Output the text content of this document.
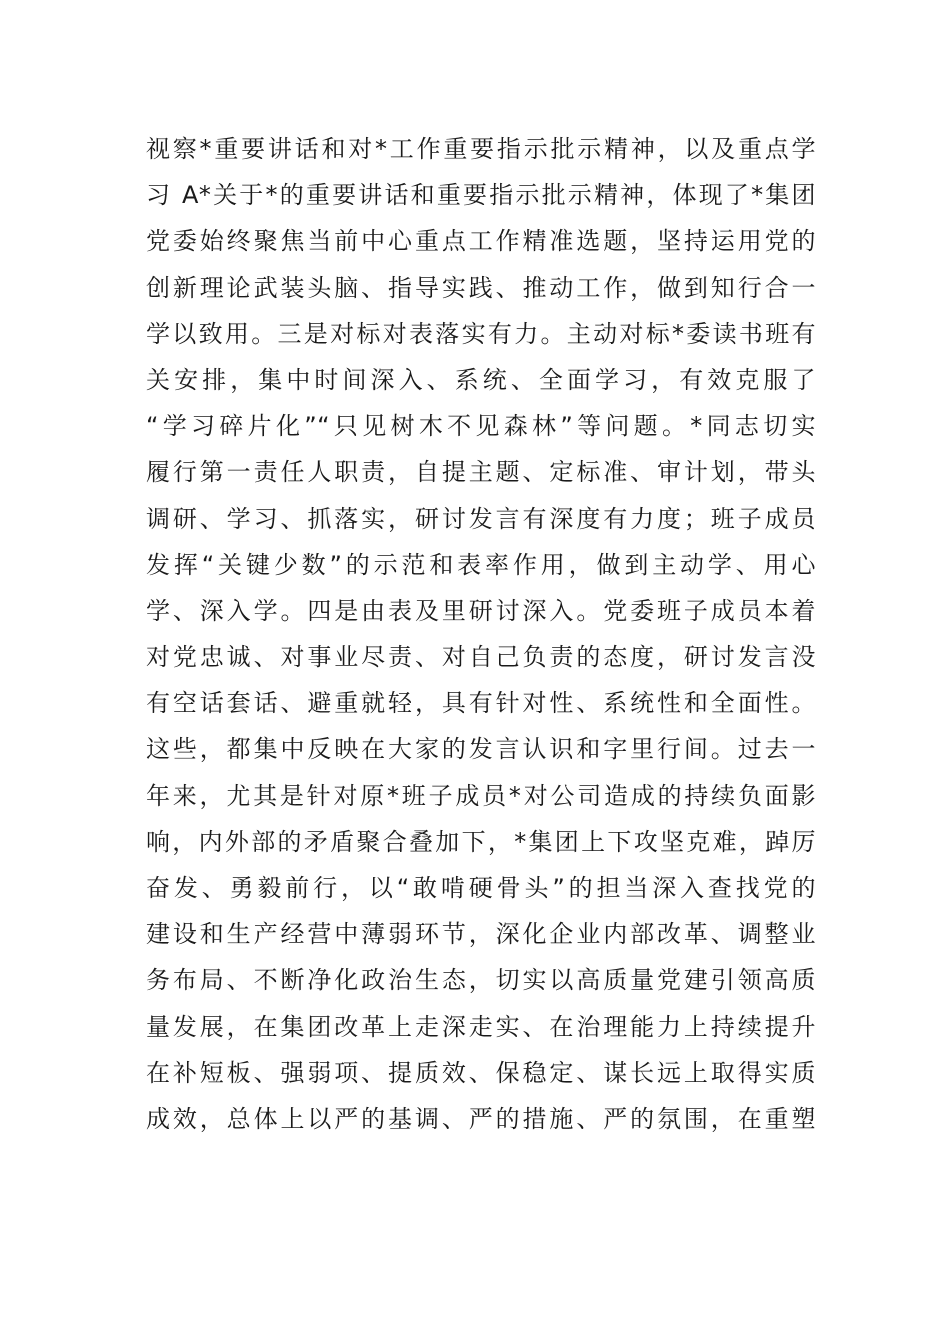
视察*重要讲话和对*工作重要指示批示精神，以及重点学
习 A*关于*的重要讲话和重要指示批示精神，体现了*集团
党委始终聚焦当前中心重点工作精准选题，坚持运用党的
创新理论武装头脑、指导实践、推动工作，做到知行合一
学以致用。三是对标对表落实有力。主动对标*委读书班有
关安排，集中时间深入、系统、全面学习，有效克服了
“学习碎片化”“只见树木不见森林”等问题。*同志切实
履行第一责任人职责，自提主题、定标准、审计划，带头
调研、学习、抓落实，研讨发言有深度有力度；班子成员
发挥“关键少数”的示范和表率作用，做到主动学、用心
学、深入学。四是由表及里研讨深入。党委班子成员本着
对党忠诚、对事业尽责、对自己负责的态度，研讨发言没
有空话套话、避重就轻，具有针对性、系统性和全面性。
这些，都集中反映在大家的发言认识和字里行间。过去一
年来，尤其是针对原*班子成员*对公司造成的持续负面影
响，内外部的矛盾聚合叠加下，*集团上下攻坚克难，踔厉
奋发、勇毅前行，以“敢啃硬骨头”的担当深入查找党的
建设和生产经营中薄弱环节，深化企业内部改革、调整业
务布局、不断净化政治生态，切实以高质量党建引领高质
量发展，在集团改革上走深走实、在治理能力上持续提升
在补短板、强弱项、提质效、保稳定、谋长远上取得实质
成效，总体上以严的基调、严的措施、严的氛围，在重塑
